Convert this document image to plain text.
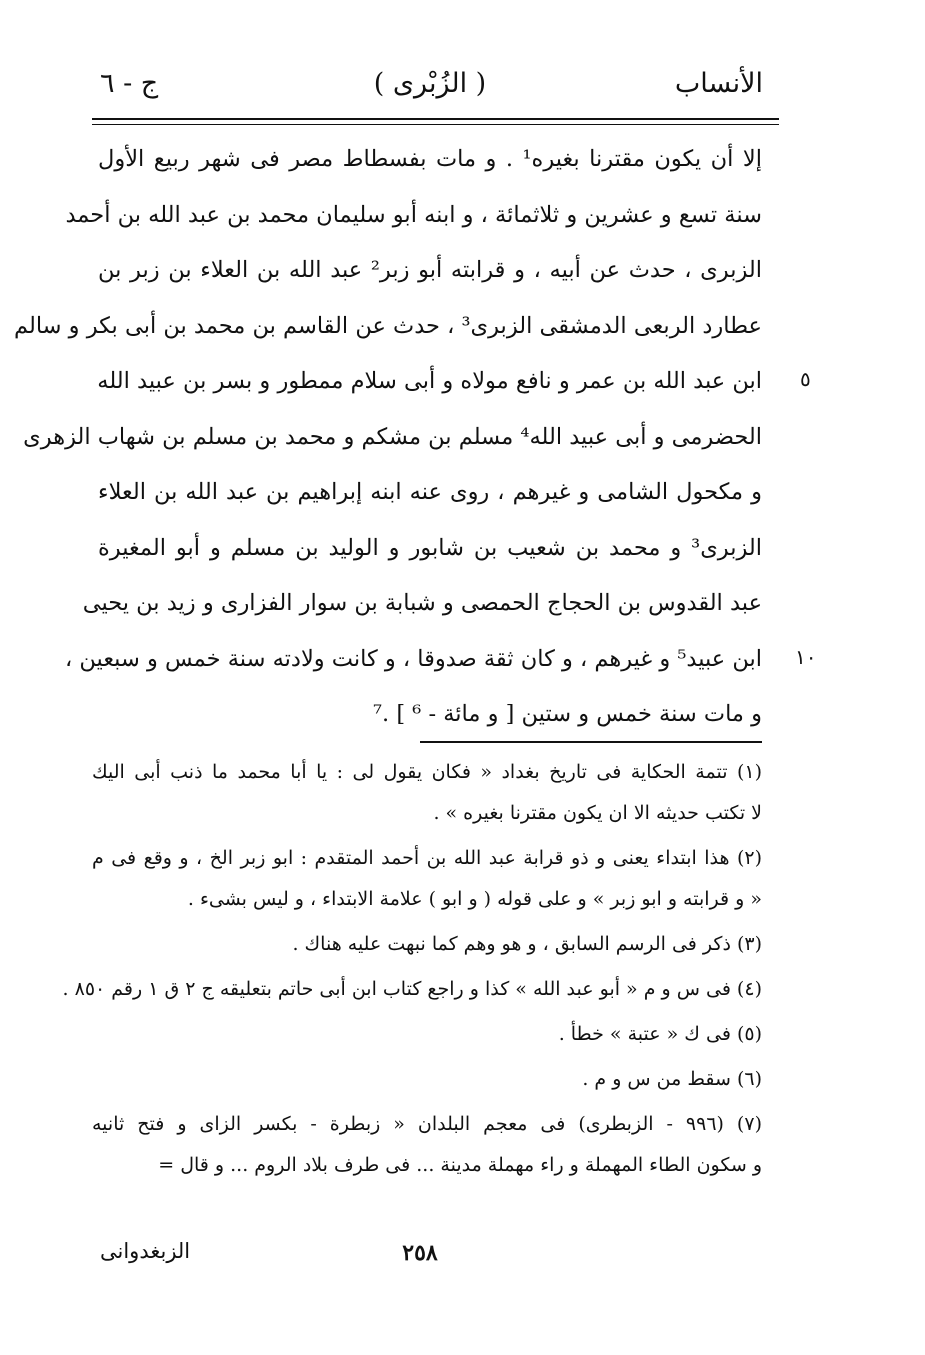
الأنساب
( الزُبْرى )
ج - ٦
إلا أن يكون مقترنا بغيره¹ . و مات بفسطاط مصر فى شهر ربيع الأول
سنة تسع و عشرين و ثلاثمائة ، و ابنه أبو سليمان محمد بن عبد الله بن أحمد
الزبرى ، حدث عن أبيه ، و قرابته أبو زبر² عبد الله بن العلاء بن زبر بن
عطارد الربعى الدمشقى الزبرى³ ، حدث عن القاسم بن محمد بن أبى بكر و سالم
ابن عبد الله بن عمر و نافع مولاه و أبى سلام ممطور و بسر بن عبيد الله
الحضرمى و أبى عبيد الله⁴ مسلم بن مشكم و محمد بن مسلم بن شهاب الزهرى
و مكحول الشامى و غيرهم ، روى عنه ابنه إبراهيم بن عبد الله بن العلاء
الزبرى³ و محمد بن شعيب بن شابور و الوليد بن مسلم و أبو المغيرة
عبد القدوس بن الحجاج الحمصى و شبابة بن سوار الفزارى و زيد بن يحيى
ابن عبيد⁵ و غيرهم ، و كان ثقة صدوقا ، و كانت ولادته سنة خمس و سبعين ،
و مات سنة خمس و ستين [ و مائة - ⁶ ] .⁷
٥
١٠
(١) تتمة الحكاية فى تاريخ بغداد « فكان يقول لى : يا أبا محمد ما ذنب أبى اليك
لا تكتب حديثه الا ان يكون مقترنا بغيره » .
(٢) هذا ابتداء يعنى و ذو قرابة عبد الله بن أحمد المتقدم : ابو زبر الخ ، و وقع فى م
« و قرابته و ابو زبر » و على قوله ( و ابو ) علامة الابتداء ، و ليس بشىء .
(٣) ذكر فى الرسم السابق ، و هو وهم كما نبهت عليه هناك .
(٤) فى س و م « أبو عبد الله » كذا و راجع كتاب ابن أبى حاتم بتعليقه ج ٢ ق ١ رقم ٨٥٠ .
(٥) فى ك « عتبة » خطأ .
(٦) سقط من س و م .
(٧) (٩٩٦ - الزبطرى) فى معجم البلدان « زبطرة - بكسر الزاى و فتح ثانيه
و سكون الطاء المهملة و راء مهملة مدينة ... فى طرف بلاد الروم ... و قال =
٢٥٨
الزبغدوانى
